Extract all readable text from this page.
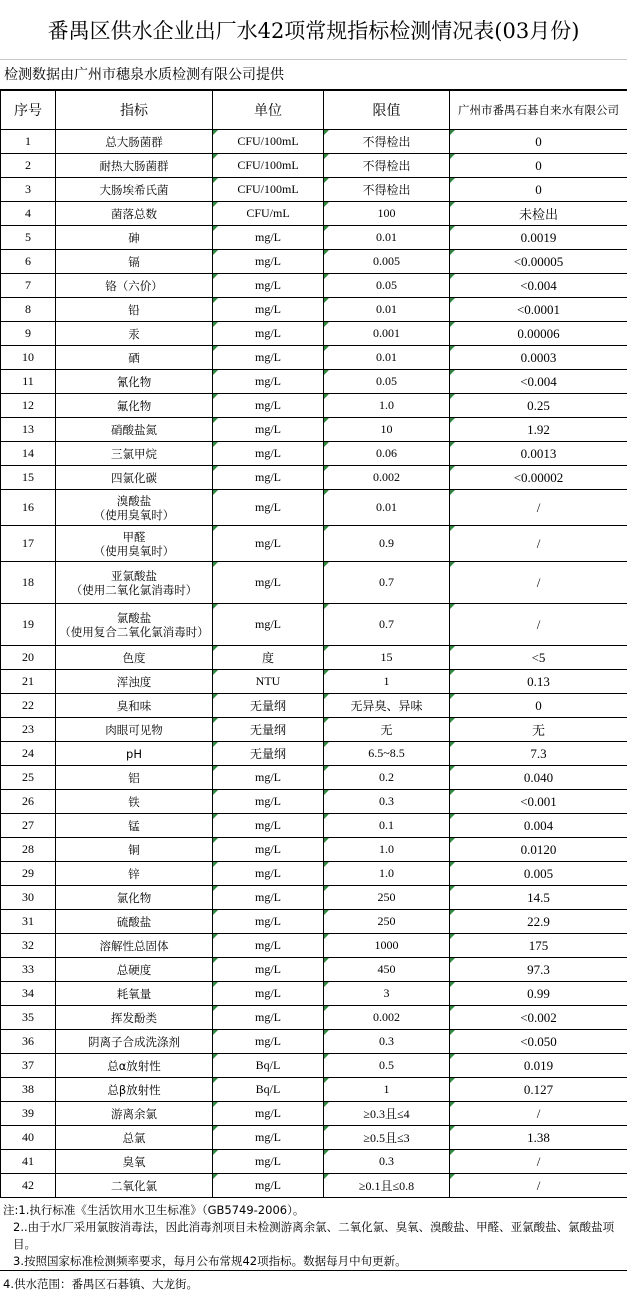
番禺区供水企业出厂水42项常规指标检测情况表(03月份)
检测数据由广州市穗泉水质检测有限公司提供
序号	指标	单位	限值	广州市番禺石碁自来水有限公司
1	总大肠菌群	CFU/100mL	不得检出	0
2	耐热大肠菌群	CFU/100mL	不得检出	0
3	大肠埃希氏菌	CFU/100mL	不得检出	0
4	菌落总数	CFU/mL	100	未检出
5	砷	mg/L	0.01	0.0019
6	镉	mg/L	0.005	<0.00005
7	铬（六价）	mg/L	0.05	<0.004
8	铅	mg/L	0.01	<0.0001
9	汞	mg/L	0.001	0.00006
10	硒	mg/L	0.01	0.0003
11	氰化物	mg/L	0.05	<0.004
12	氟化物	mg/L	1.0	0.25
13	硝酸盐氮	mg/L	10	1.92
14	三氯甲烷	mg/L	0.06	0.0013
15	四氯化碳	mg/L	0.002	<0.00002
16	溴酸盐
（使用臭氧时）	mg/L	0.01	/
17	甲醛
（使用臭氧时）	mg/L	0.9	/
18	亚氯酸盐
（使用二氧化氯消毒时）	mg/L	0.7	/
19	氯酸盐
（使用复合二氧化氯消毒时）	mg/L	0.7	/
20	色度	度	15	<5
21	浑浊度	NTU	1	0.13
22	臭和味	无量纲	无异臭、异味	0
23	肉眼可见物	无量纲	无	无
24	pH	无量纲	6.5~8.5	7.3
25	铝	mg/L	0.2	0.040
26	铁	mg/L	0.3	<0.001
27	锰	mg/L	0.1	0.004
28	铜	mg/L	1.0	0.0120
29	锌	mg/L	1.0	0.005
30	氯化物	mg/L	250	14.5
31	硫酸盐	mg/L	250	22.9
32	溶解性总固体	mg/L	1000	175
33	总硬度	mg/L	450	97.3
34	耗氧量	mg/L	3	0.99
35	挥发酚类	mg/L	0.002	<0.002
36	阴离子合成洗涤剂	mg/L	0.3	<0.050
37	总α放射性	Bq/L	0.5	0.019
38	总β放射性	Bq/L	1	0.127
39	游离余氯	mg/L	≥0.3且≤4	/
40	总氯	mg/L	≥0.5且≤3	1.38
41	臭氧	mg/L	0.3	/
42	二氧化氯	mg/L	≥0.1且≤0.8	/
注:1.执行标准《生活饮用水卫生标准》（GB5749-2006）。
2..由于水厂采用氯胺消毒法，因此消毒剂项目未检测游离余氯、二氧化氯、臭氧、溴酸盐、甲醛、亚氯酸盐、氯酸盐项目。
3.按照国家标准检测频率要求，每月公布常规42项指标。数据每月中旬更新。
4.供水范围：番禺区石碁镇、大龙街。
